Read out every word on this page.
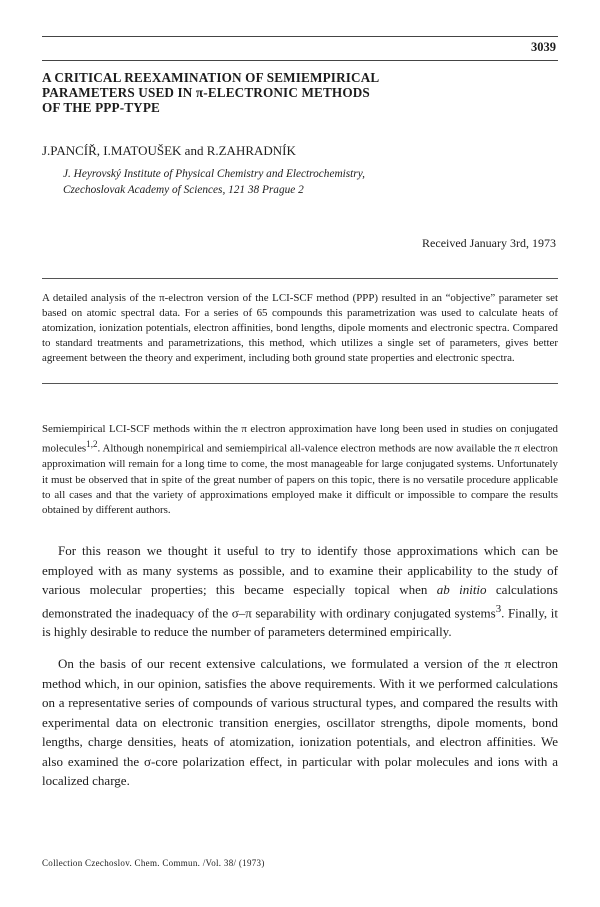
3039
A CRITICAL REEXAMINATION OF SEMIEMPIRICAL
PARAMETERS USED IN π-ELECTRONIC METHODS
OF THE PPP-TYPE
J.PANCÍŘ, I.MATOUŠEK and R.ZAHRADNÍK
J. Heyrovský Institute of Physical Chemistry and Electrochemistry,
Czechoslovak Academy of Sciences, 121 38 Prague 2
Received January 3rd, 1973
A detailed analysis of the π-electron version of the LCI-SCF method (PPP) resulted in an “objective” parameter set based on atomic spectral data. For a series of 65 compounds this parametrization was used to calculate heats of atomization, ionization potentials, electron affinities, bond lengths, dipole moments and electronic spectra. Compared to standard treatments and parametrizations, this method, which utilizes a single set of parameters, gives better agreement between the theory and experiment, including both ground state properties and electronic spectra.
Semiempirical LCI-SCF methods within the π electron approximation have long been used in studies on conjugated molecules$^{1,2}$. Although nonempirical and semiempirical all-valence electron methods are now available the π electron approximation will remain for a long time to come, the most manageable for large conjugated systems. Unfortunately it must be observed that in spite of the great number of papers on this topic, there is no versatile procedure applicable to all cases and that the variety of approximations employed make it difficult or impossible to compare the results obtained by different authors.
For this reason we thought it useful to try to identify those approximations which can be employed with as many systems as possible, and to examine their applicability to the study of various molecular properties; this became especially topical when ab initio calculations demonstrated the inadequacy of the σ–π separability with ordinary conjugated systems$^3$. Finally, it is highly desirable to reduce the number of parameters determined empirically.
On the basis of our recent extensive calculations, we formulated a version of the π electron method which, in our opinion, satisfies the above requirements. With it we performed calculations on a representative series of compounds of various structural types, and compared the results with experimental data on electronic transition energies, oscillator strengths, dipole moments, bond lengths, charge densities, heats of atomization, ionization potentials, and electron affinities. We also examined the σ-core polarization effect, in particular with polar molecules and ions with a localized charge.
Collection Czechoslov. Chem. Commun. /Vol. 38/ (1973)
